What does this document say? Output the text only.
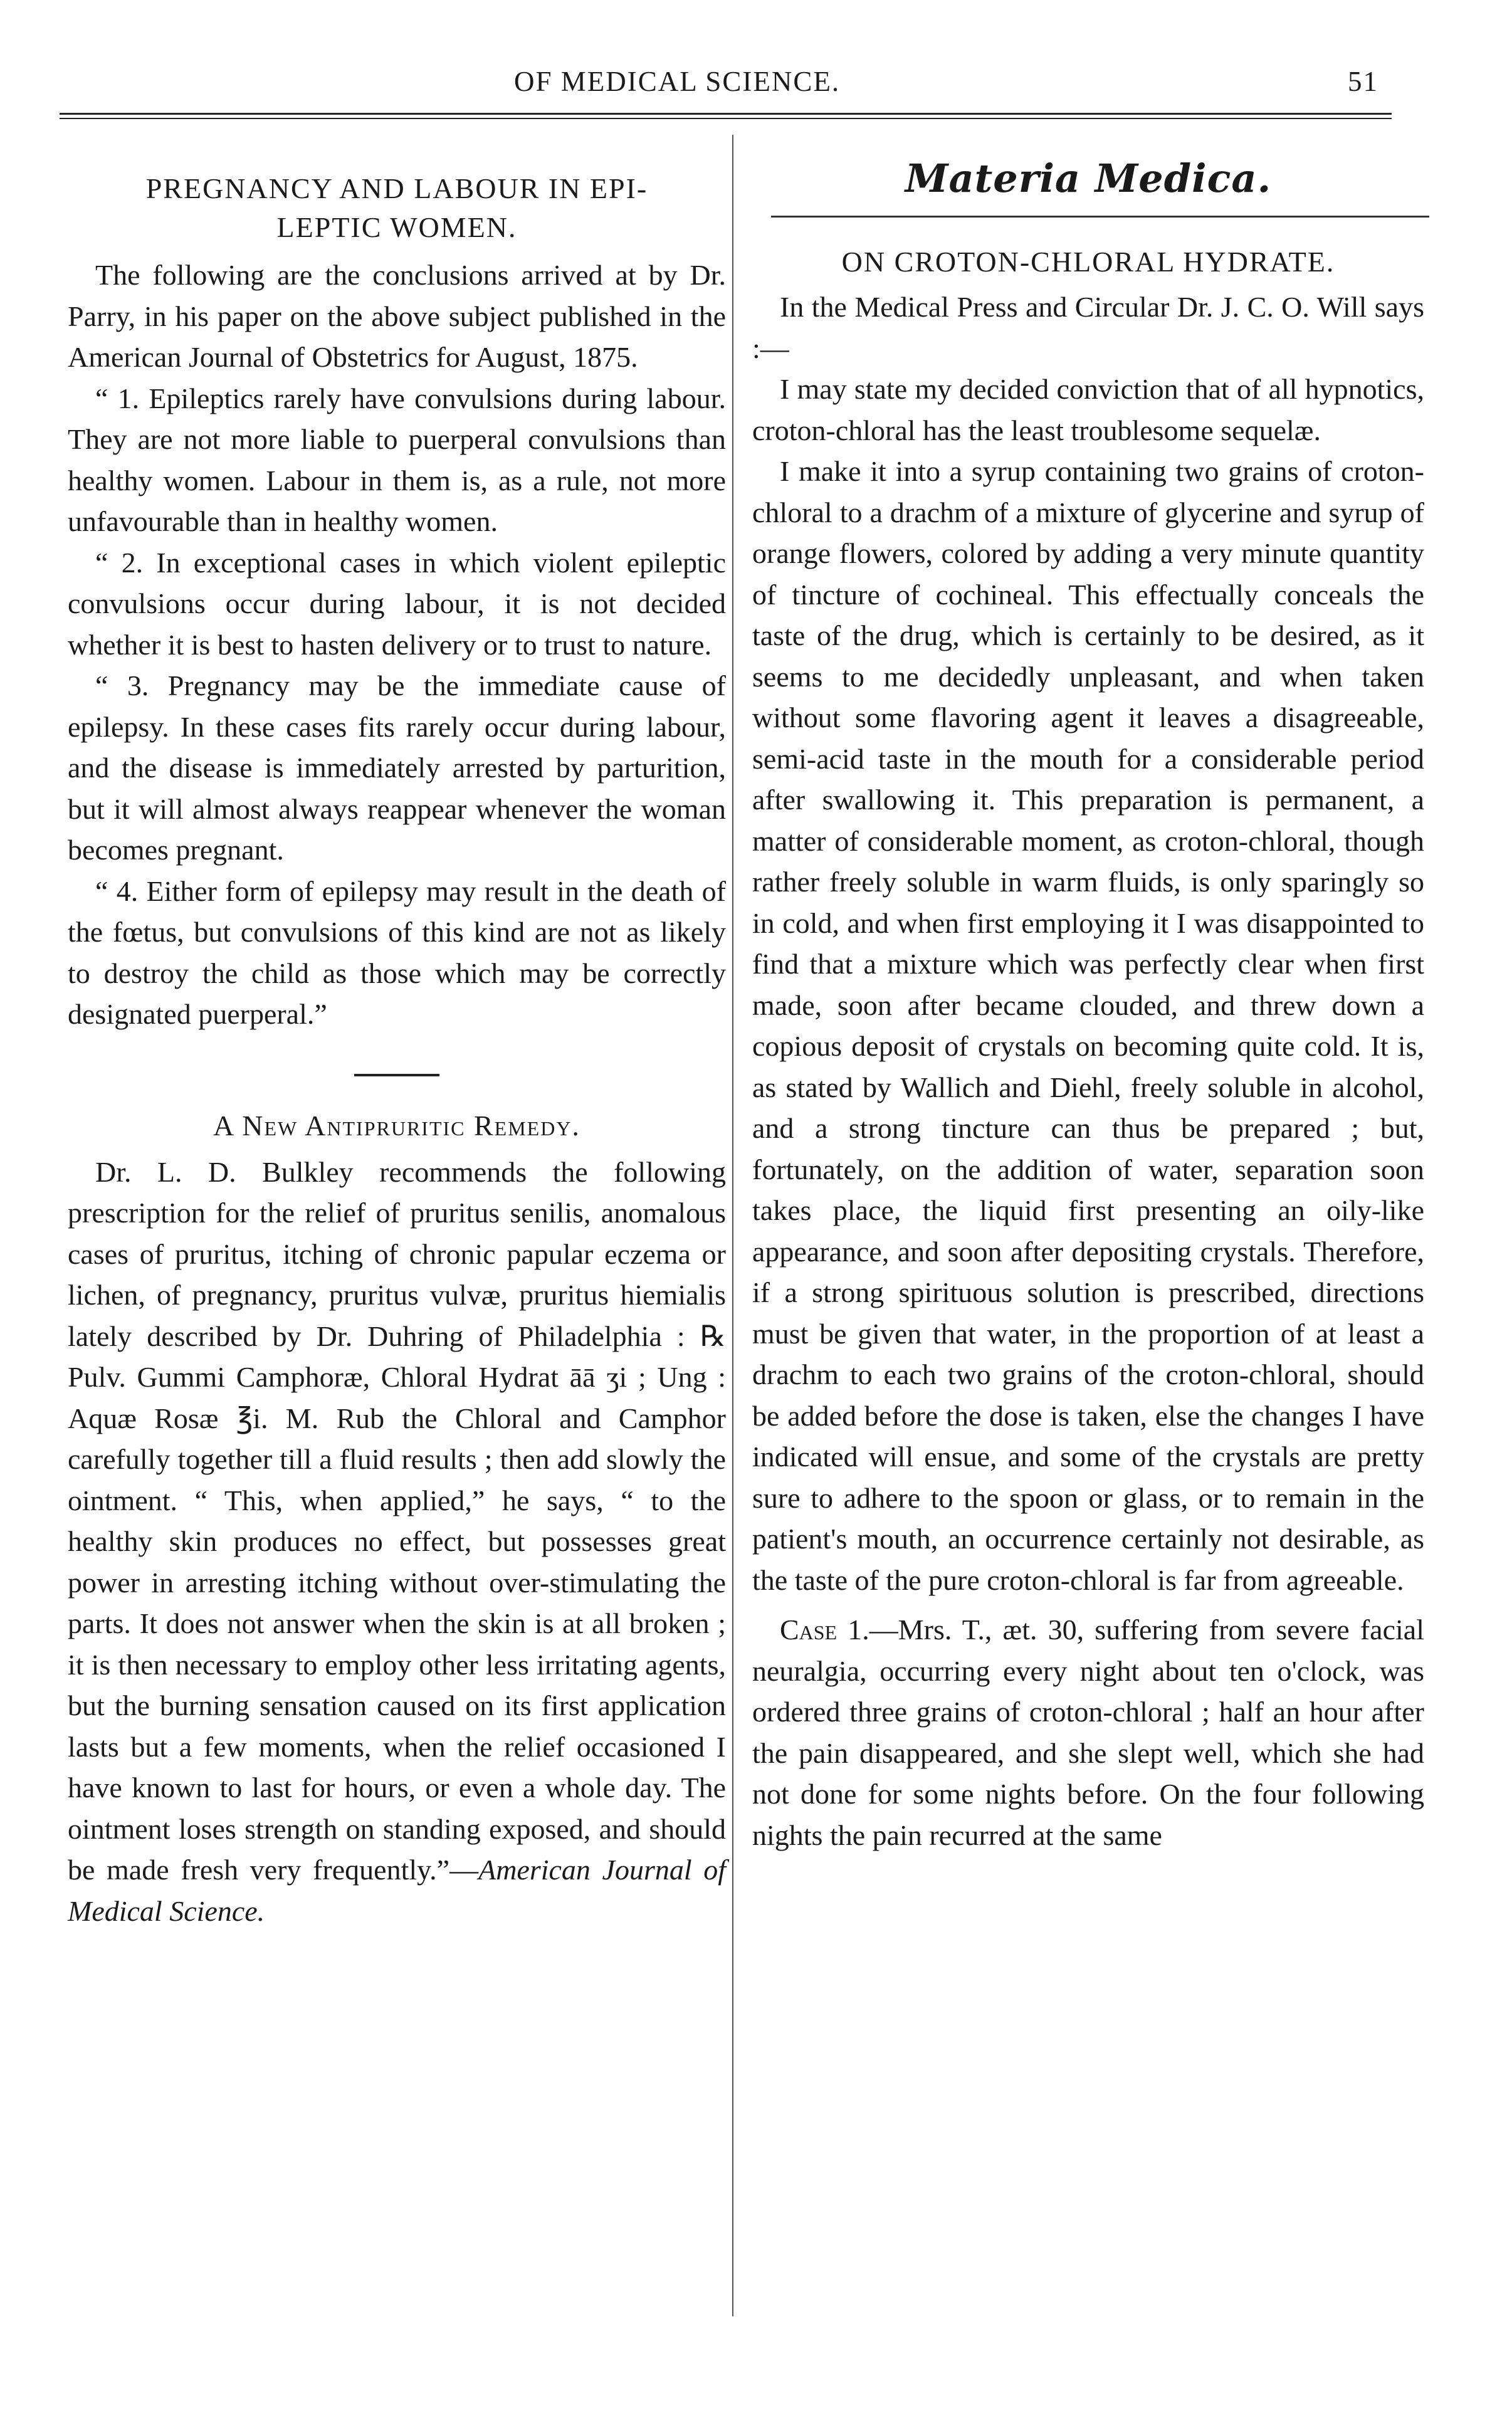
OF MEDICAL SCIENCE.	51
PREGNANCY AND LABOUR IN EPI-
LEPTIC WOMEN.

The following are the conclusions arrived at by Dr. Parry, in his paper on the above subject published in the American Journal of Obstetrics for August, 1875.

“ 1. Epileptics rarely have convulsions during labour. They are not more liable to puerperal convulsions than healthy women. Labour in them is, as a rule, not more unfavourable than in healthy women.

“ 2. In exceptional cases in which violent epileptic convulsions occur during labour, it is not decided whether it is best to hasten delivery or to trust to nature.

“ 3. Pregnancy may be the immediate cause of epilepsy. In these cases fits rarely occur during labour, and the disease is immediately arrested by parturition, but it will almost always reappear whenever the woman becomes pregnant.

“ 4. Either form of epilepsy may result in the death of the fœtus, but convulsions of this kind are not as likely to destroy the child as those which may be correctly designated puerperal.”

A New Antipruritic Remedy.

Dr. L. D. Bulkley recommends the following prescription for the relief of pruritus senilis, anomalous cases of pruritus, itching of chronic papular eczema or lichen, of pregnancy, pruritus vulvæ, pruritus hiemialis lately described by Dr. Duhring of Philadelphia : ℞ Pulv. Gummi Camphoræ, Chloral Hydrat āā ʒi ; Ung : Aquæ Rosæ ℥i. M. Rub the Chloral and Camphor carefully together till a fluid results ; then add slowly the ointment. “ This, when applied,” he says, “ to the healthy skin produces no effect, but possesses great power in arresting itching without over-stimulating the parts. It does not answer when the skin is at all broken ; it is then necessary to employ other less irritating agents, but the burning sensation caused on its first application lasts but a few moments, when the relief occasioned I have known to last for hours, or even a whole day. The ointment loses strength on standing exposed, and should be made fresh very frequently.”—American Journal of Medical Science.

Materia Medica.
ON CROTON-CHLORAL HYDRATE.

In the Medical Press and Circular Dr. J. C. O. Will says :—

I may state my decided conviction that of all hypnotics, croton-chloral has the least troublesome sequelæ.

I make it into a syrup containing two grains of croton-chloral to a drachm of a mixture of glycerine and syrup of orange flowers, colored by adding a very minute quantity of tincture of cochineal. This effectually conceals the taste of the drug, which is certainly to be desired, as it seems to me decidedly unpleasant, and when taken without some flavoring agent it leaves a disagreeable, semi-acid taste in the mouth for a considerable period after swallowing it. This preparation is permanent, a matter of considerable moment, as croton-chloral, though rather freely soluble in warm fluids, is only sparingly so in cold, and when first employing it I was disappointed to find that a mixture which was perfectly clear when first made, soon after became clouded, and threw down a copious deposit of crystals on becoming quite cold. It is, as stated by Wallich and Diehl, freely soluble in alcohol, and a strong tincture can thus be prepared ; but, fortunately, on the addition of water, separation soon takes place, the liquid first presenting an oily-like appearance, and soon after depositing crystals. Therefore, if a strong spirituous solution is prescribed, directions must be given that water, in the proportion of at least a drachm to each two grains of the croton-chloral, should be added before the dose is taken, else the changes I have indicated will ensue, and some of the crystals are pretty sure to adhere to the spoon or glass, or to remain in the patient's mouth, an occurrence certainly not desirable, as the taste of the pure croton-chloral is far from agreeable.

Case 1.—Mrs. T., æt. 30, suffering from severe facial neuralgia, occurring every night about ten o'clock, was ordered three grains of croton-chloral ; half an hour after the pain disappeared, and she slept well, which she had not done for some nights before. On the four following nights the pain recurred at the same
